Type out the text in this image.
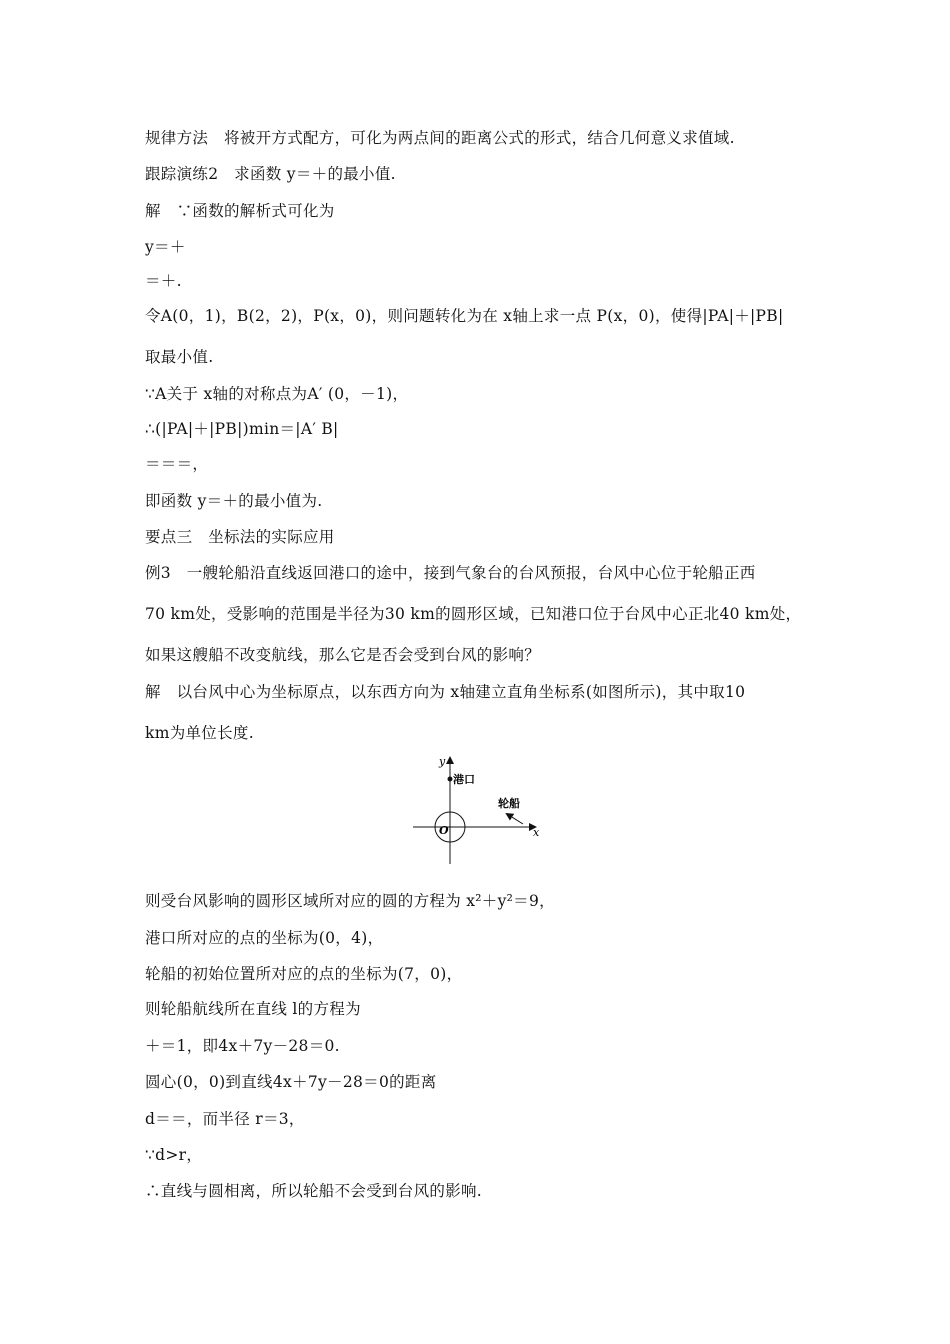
规律方法　将被开方式配方，可化为两点间的距离公式的形式，结合几何意义求值域.
跟踪演练2　求函数 y＝＋的最小值.
解　∵函数的解析式可化为
y＝＋
＝＋.
令A(0，1)，B(2，2)，P(x，0)，则问题转化为在 x轴上求一点 P(x，0)，使得|PA|＋|PB|
取最小值.
∵A关于 x轴的对称点为A′ (0，－1)，
∴(|PA|＋|PB|)min＝|A′ B|
＝＝＝，
即函数 y＝＋的最小值为.
要点三　坐标法的实际应用
例3　一艘轮船沿直线返回港口的途中，接到气象台的台风预报，台风中心位于轮船正西
70 km处，受影响的范围是半径为30 km的圆形区域，已知港口位于台风中心正北40 km处，
如果这艘船不改变航线，那么它是否会受到台风的影响？
解　以台风中心为坐标原点，以东西方向为 x轴建立直角坐标系(如图所示)，其中取10
km为单位长度.
y
x
O
港口
轮船
则受台风影响的圆形区域所对应的圆的方程为 x²＋y²＝9，
港口所对应的点的坐标为(0，4)，
轮船的初始位置所对应的点的坐标为(7，0)，
则轮船航线所在直线 l的方程为
＋＝1，即4x＋7y－28＝0.
圆心(0，0)到直线4x＋7y－28＝0的距离
d＝＝，而半径 r＝3，
∵d>r，
∴直线与圆相离，所以轮船不会受到台风的影响.
